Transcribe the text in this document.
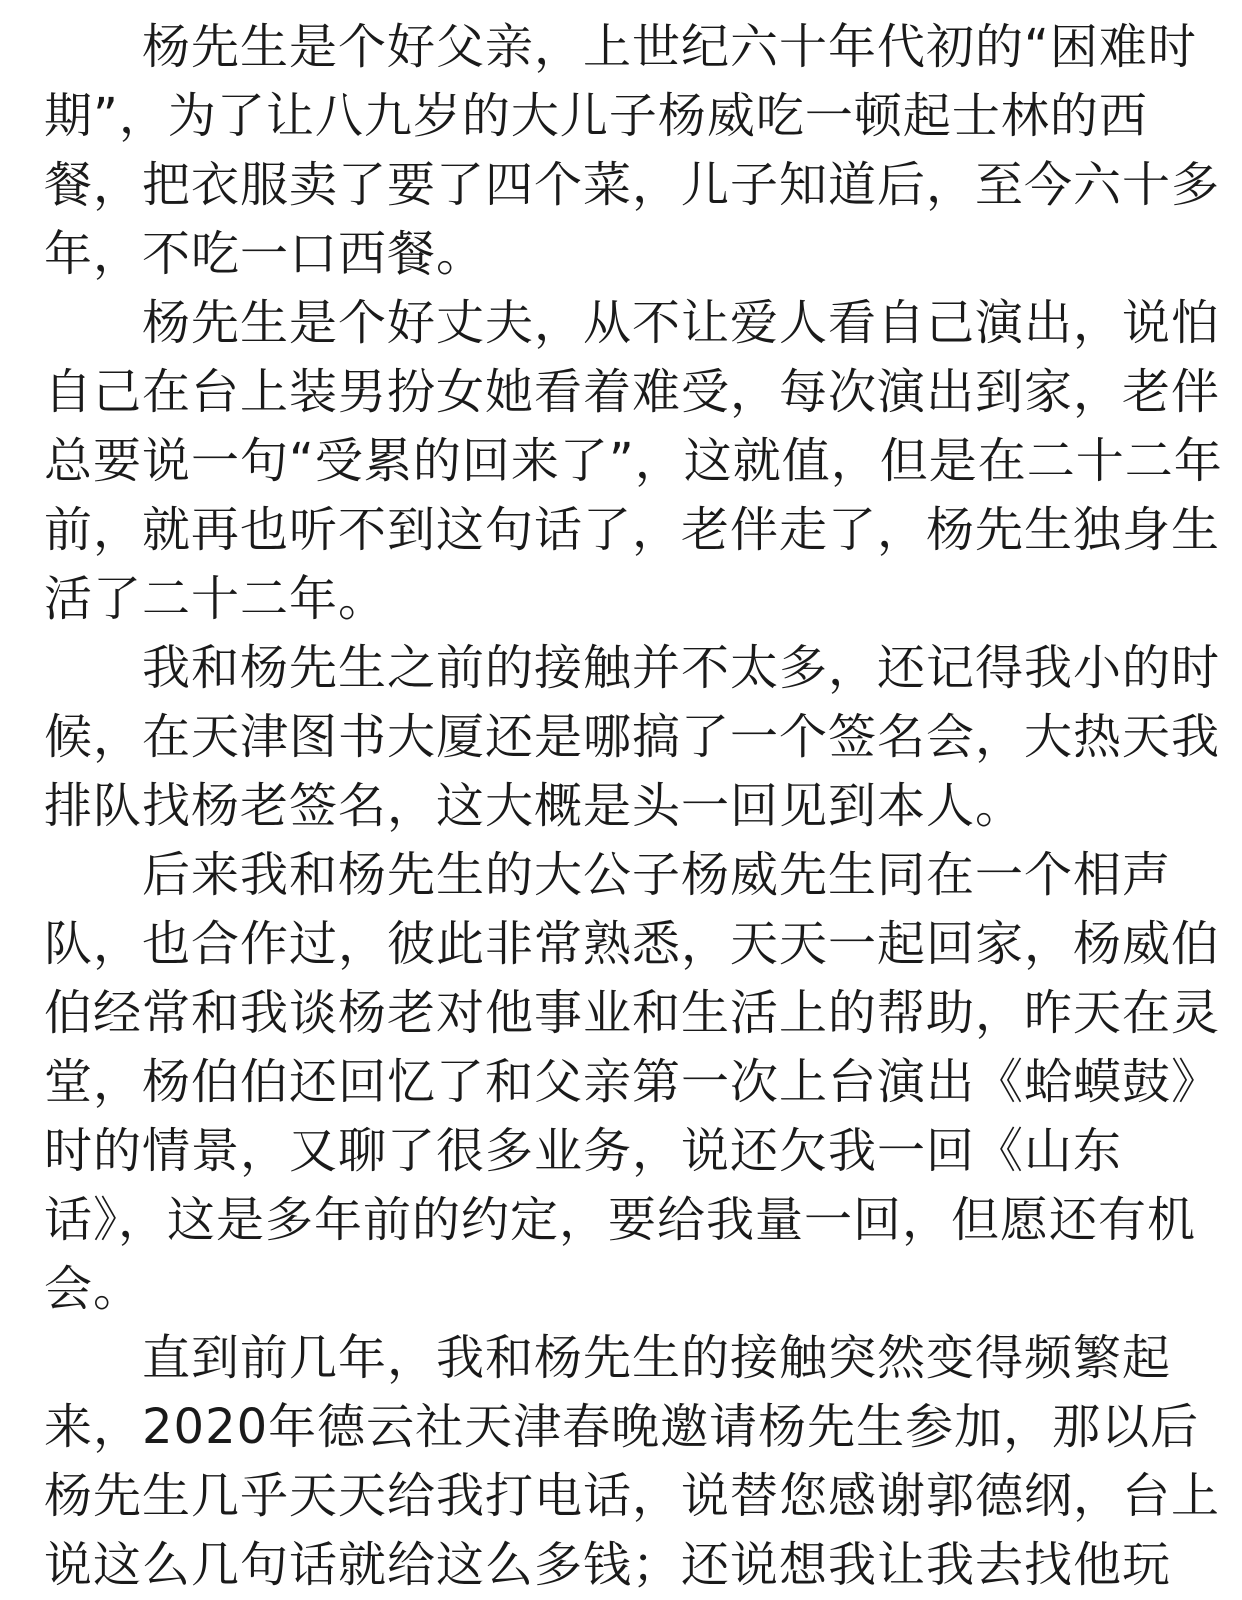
杨先生是个好父亲，上世纪六十年代初的“困难时
期”，为了让八九岁的大儿子杨威吃一顿起士林的西
餐，把衣服卖了要了四个菜，儿子知道后，至今六十多
年，不吃一口西餐。
杨先生是个好丈夫，从不让爱人看自己演出，说怕
自己在台上装男扮女她看着难受，每次演出到家，老伴
总要说一句“受累的回来了”，这就值，但是在二十二年
前，就再也听不到这句话了，老伴走了，杨先生独身生
活了二十二年。
我和杨先生之前的接触并不太多，还记得我小的时
候，在天津图书大厦还是哪搞了一个签名会，大热天我
排队找杨老签名，这大概是头一回见到本人。
后来我和杨先生的大公子杨威先生同在一个相声
队，也合作过，彼此非常熟悉，天天一起回家，杨威伯
伯经常和我谈杨老对他事业和生活上的帮助，昨天在灵
堂，杨伯伯还回忆了和父亲第一次上台演出《蛤蟆鼓》
时的情景，又聊了很多业务，说还欠我一回《山东
话》，这是多年前的约定，要给我量一回，但愿还有机
会。
直到前几年，我和杨先生的接触突然变得频繁起
来，2020年德云社天津春晚邀请杨先生参加，那以后
杨先生几乎天天给我打电话，说替您感谢郭德纲，台上
说这么几句话就给这么多钱；还说想我让我去找他玩
